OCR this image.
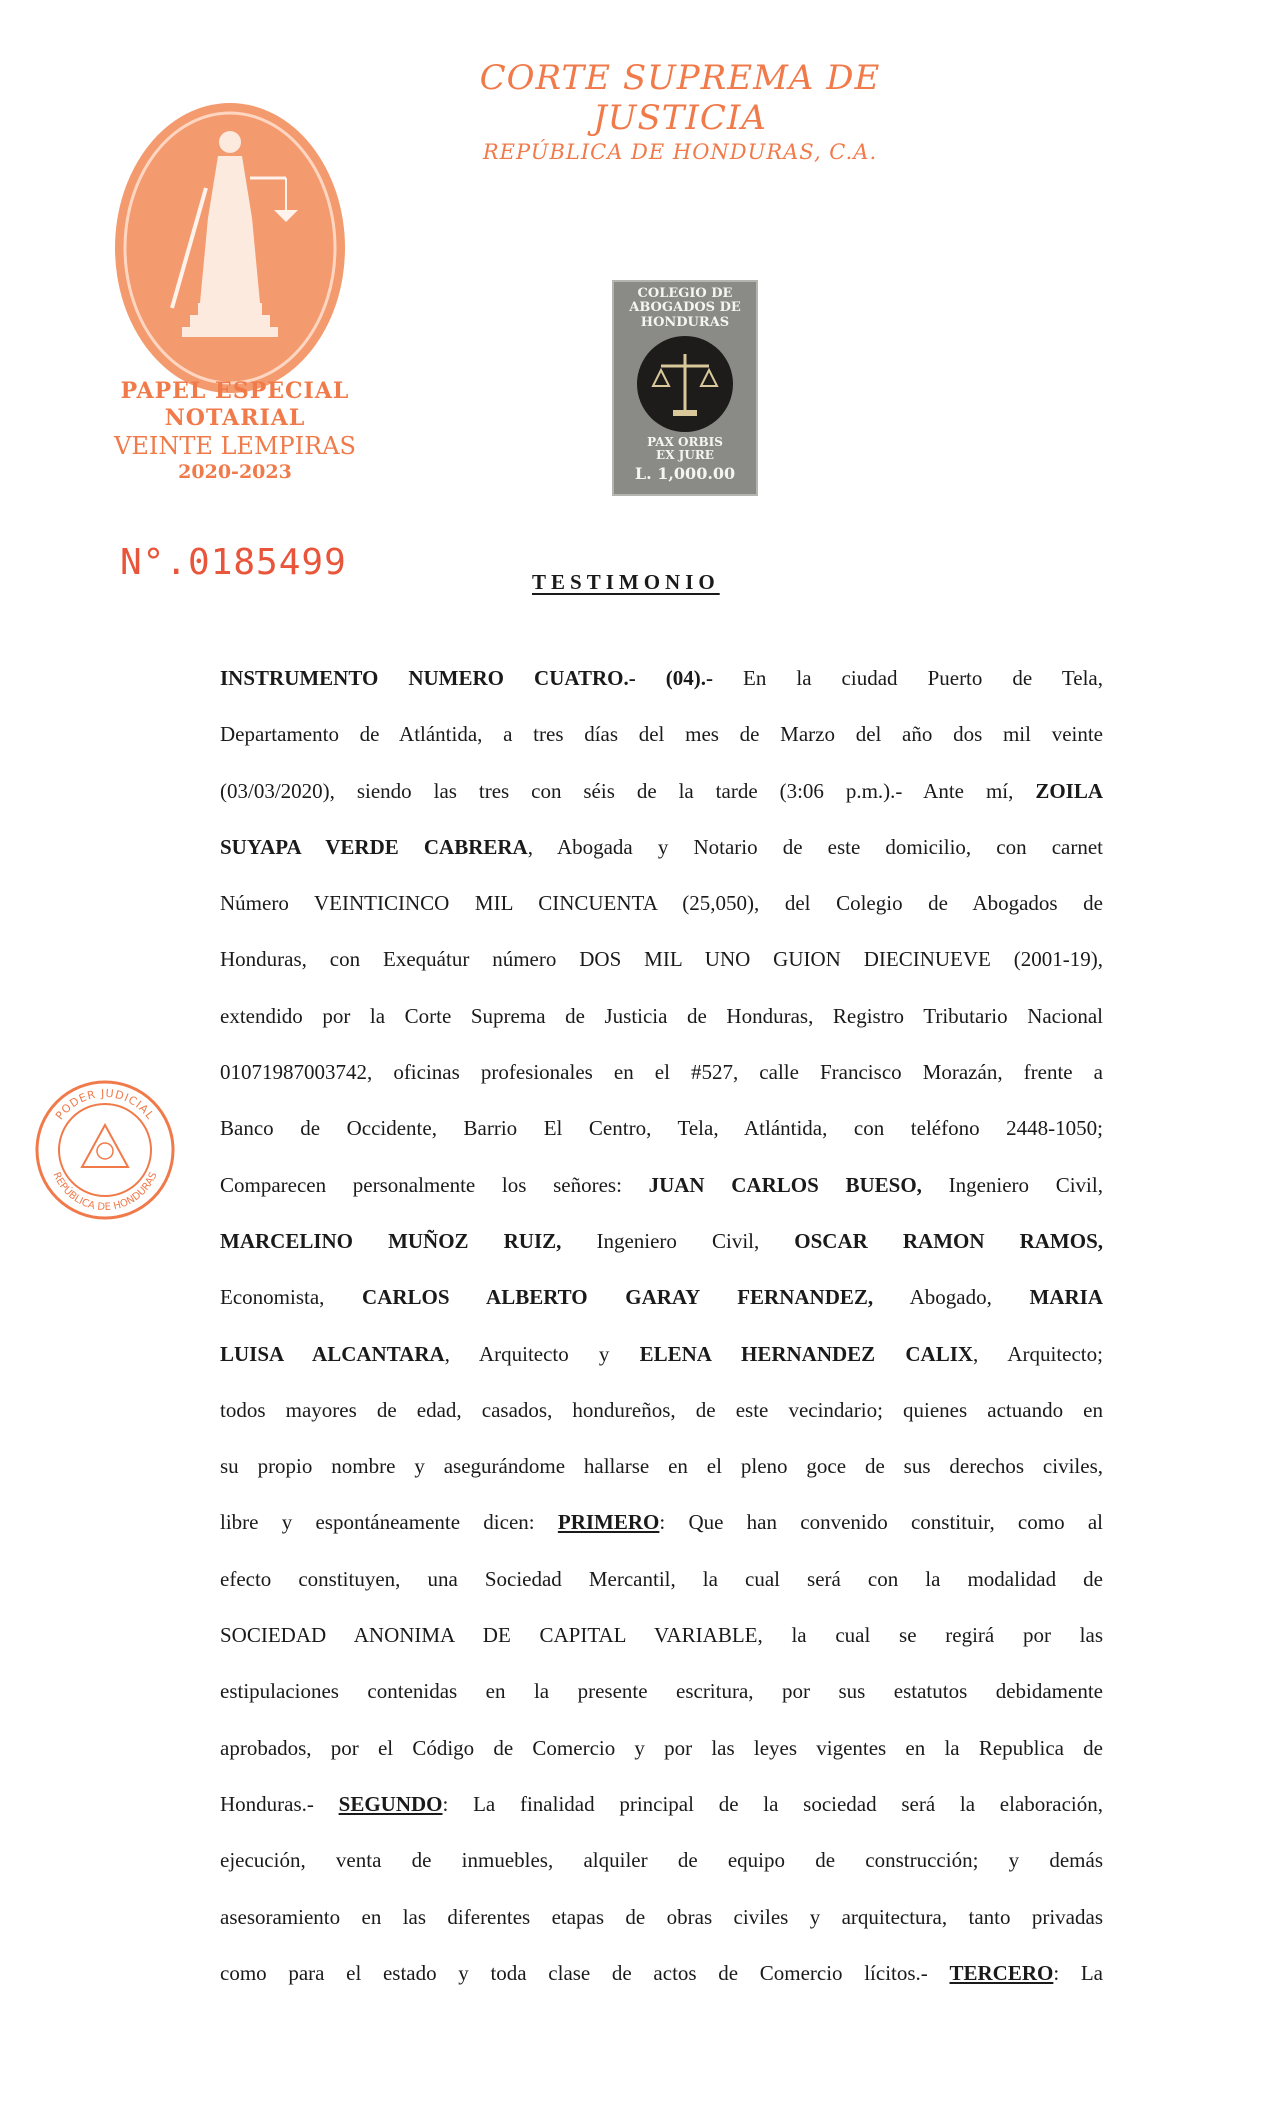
CORTE SUPREMA DE JUSTICIA
REPÚBLICA DE HONDURAS, C.A.
PAPEL ESPECIAL
NOTARIAL
VEINTE LEMPIRAS
2020-2023
N°.0185499
COLEGIO DE ABOGADOS DE HONDURAS
PAX ORBIS
EX JURE
L. 1,000.00
PODER JUDICIAL
REPÚBLICA DE HONDURAS
TESTIMONIO
INSTRUMENTO NUMERO CUATRO.- (04).- En la ciudad Puerto de Tela,
Departamento de Atlántida, a tres días del mes de Marzo del año dos mil veinte
(03/03/2020), siendo las tres con séis de la tarde (3:06 p.m.).- Ante mí, ZOILA
SUYAPA VERDE CABRERA, Abogada y Notario de este domicilio, con carnet
Número VEINTICINCO MIL CINCUENTA (25,050), del Colegio de Abogados de
Honduras, con Exequátur número DOS MIL UNO GUION DIECINUEVE (2001-19),
extendido por la Corte Suprema de Justicia de Honduras, Registro Tributario Nacional
01071987003742, oficinas profesionales en el #527, calle Francisco Morazán, frente a
Banco de Occidente, Barrio El Centro, Tela, Atlántida, con teléfono 2448-1050;
Comparecen personalmente los señores: JUAN CARLOS BUESO, Ingeniero Civil,
MARCELINO MUÑOZ RUIZ, Ingeniero Civil, OSCAR RAMON RAMOS,
Economista, CARLOS ALBERTO GARAY FERNANDEZ, Abogado, MARIA
LUISA ALCANTARA, Arquitecto y ELENA HERNANDEZ CALIX, Arquitecto;
todos mayores de edad, casados, hondureños, de este vecindario; quienes actuando en
su propio nombre y asegurándome hallarse en el pleno goce de sus derechos civiles,
libre y espontáneamente dicen: PRIMERO: Que han convenido constituir, como al
efecto constituyen, una Sociedad Mercantil, la cual será con la modalidad de
SOCIEDAD ANONIMA DE CAPITAL VARIABLE, la cual se regirá por las
estipulaciones contenidas en la presente escritura, por sus estatutos debidamente
aprobados, por el Código de Comercio y por las leyes vigentes en la Republica de
Honduras.- SEGUNDO: La finalidad principal de la sociedad será la elaboración,
ejecución, venta de inmuebles, alquiler de equipo de construcción; y demás
asesoramiento en las diferentes etapas de obras civiles y arquitectura, tanto privadas
como para el estado y toda clase de actos de Comercio lícitos.- TERCERO: La
